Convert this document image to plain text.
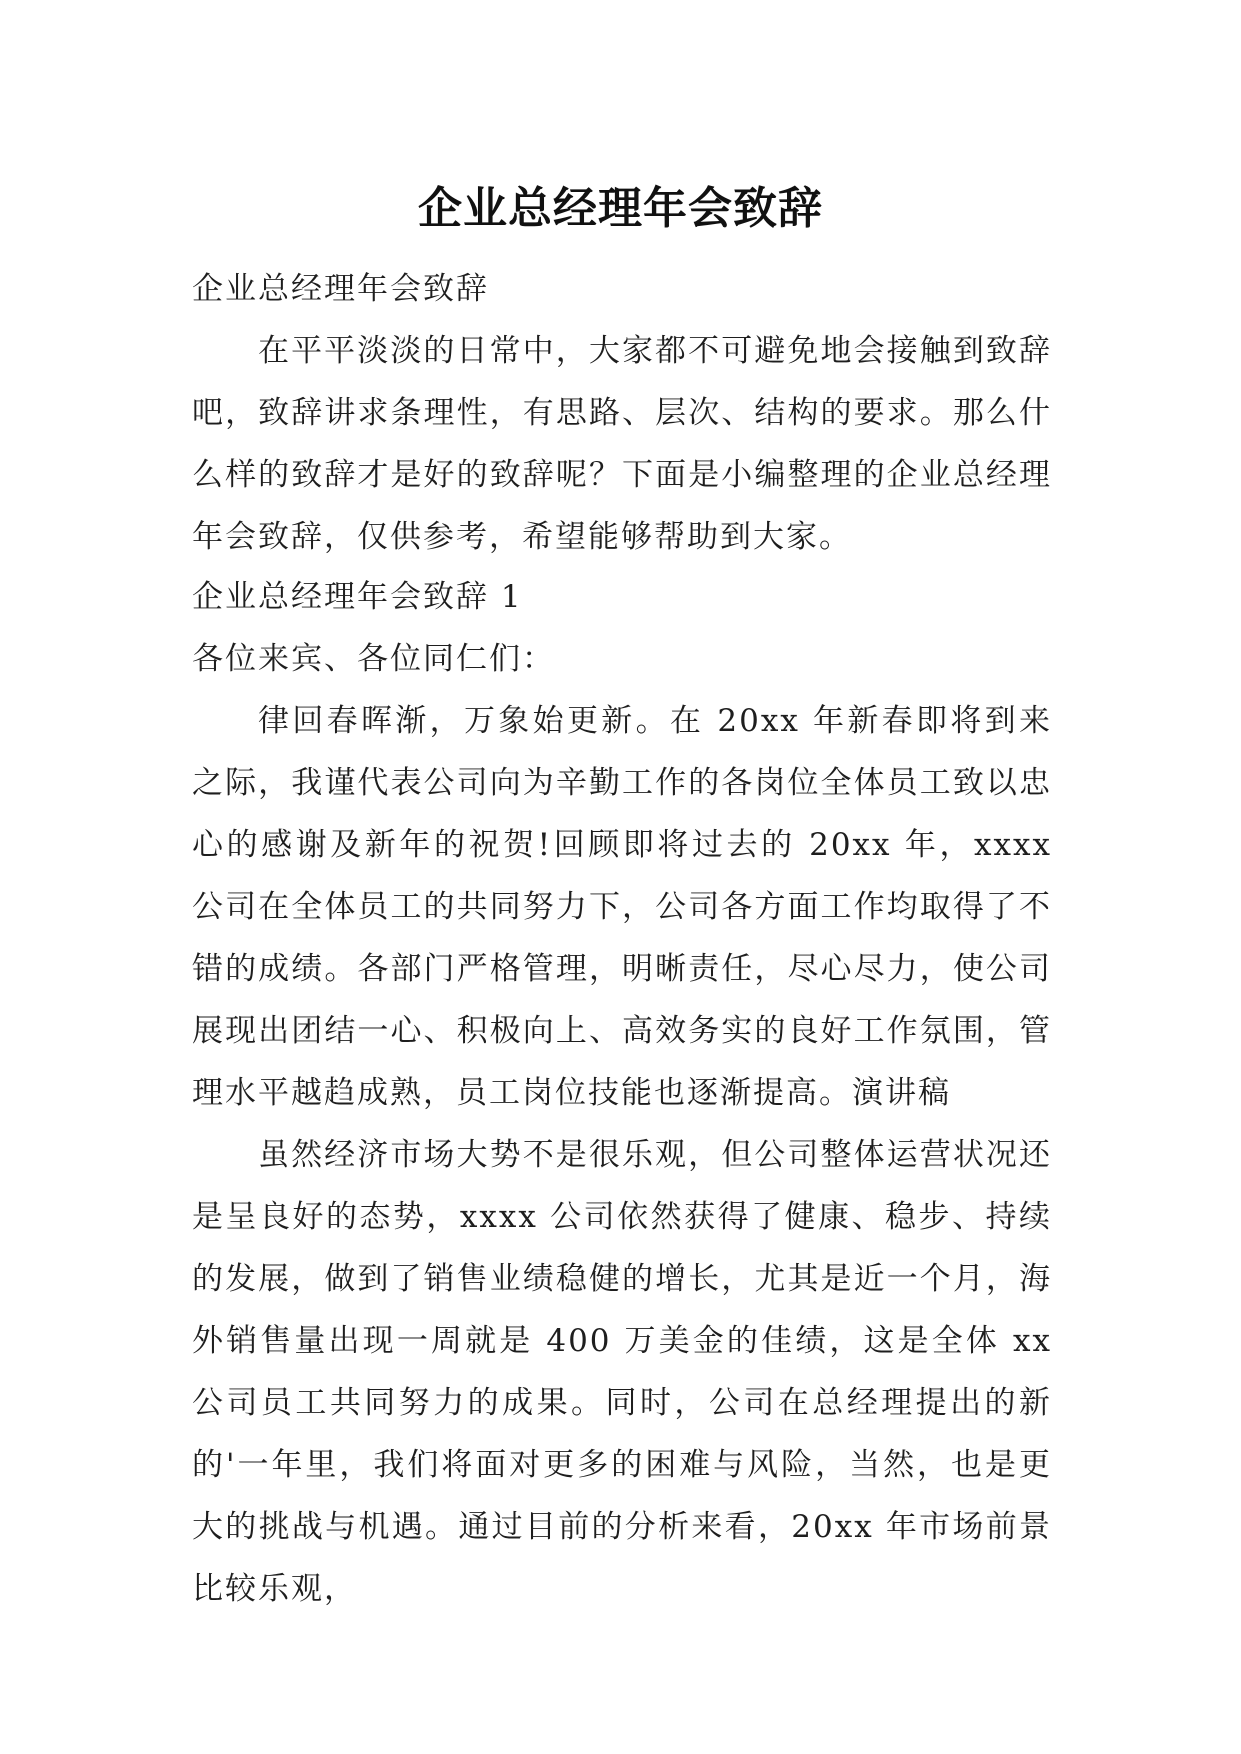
企业总经理年会致辞

企业总经理年会致辞

在平平淡淡的日常中，大家都不可避免地会接触到致辞吧，致辞讲求条理性，有思路、层次、结构的要求。那么什么样的致辞才是好的致辞呢？下面是小编整理的企业总经理年会致辞，仅供参考，希望能够帮助到大家。

企业总经理年会致辞 1

各位来宾、各位同仁们：

律回春晖渐，万象始更新。在 20xx 年新春即将到来之际，我谨代表公司向为辛勤工作的各岗位全体员工致以忠心的感谢及新年的祝贺!回顾即将过去的 20xx 年，xxxx 公司在全体员工的共同努力下，公司各方面工作均取得了不错的成绩。各部门严格管理，明晰责任，尽心尽力，使公司展现出团结一心、积极向上、高效务实的良好工作氛围，管理水平越趋成熟，员工岗位技能也逐渐提高。演讲稿

虽然经济市场大势不是很乐观，但公司整体运营状况还是呈良好的态势，xxxx 公司依然获得了健康、稳步、持续的发展，做到了销售业绩稳健的增长，尤其是近一个月，海外销售量出现一周就是 400 万美金的佳绩，这是全体 xx 公司员工共同努力的成果。同时，公司在总经理提出的新的'一年里，我们将面对更多的困难与风险，当然，也是更大的挑战与机遇。通过目前的分析来看，20xx 年市场前景比较乐观，
